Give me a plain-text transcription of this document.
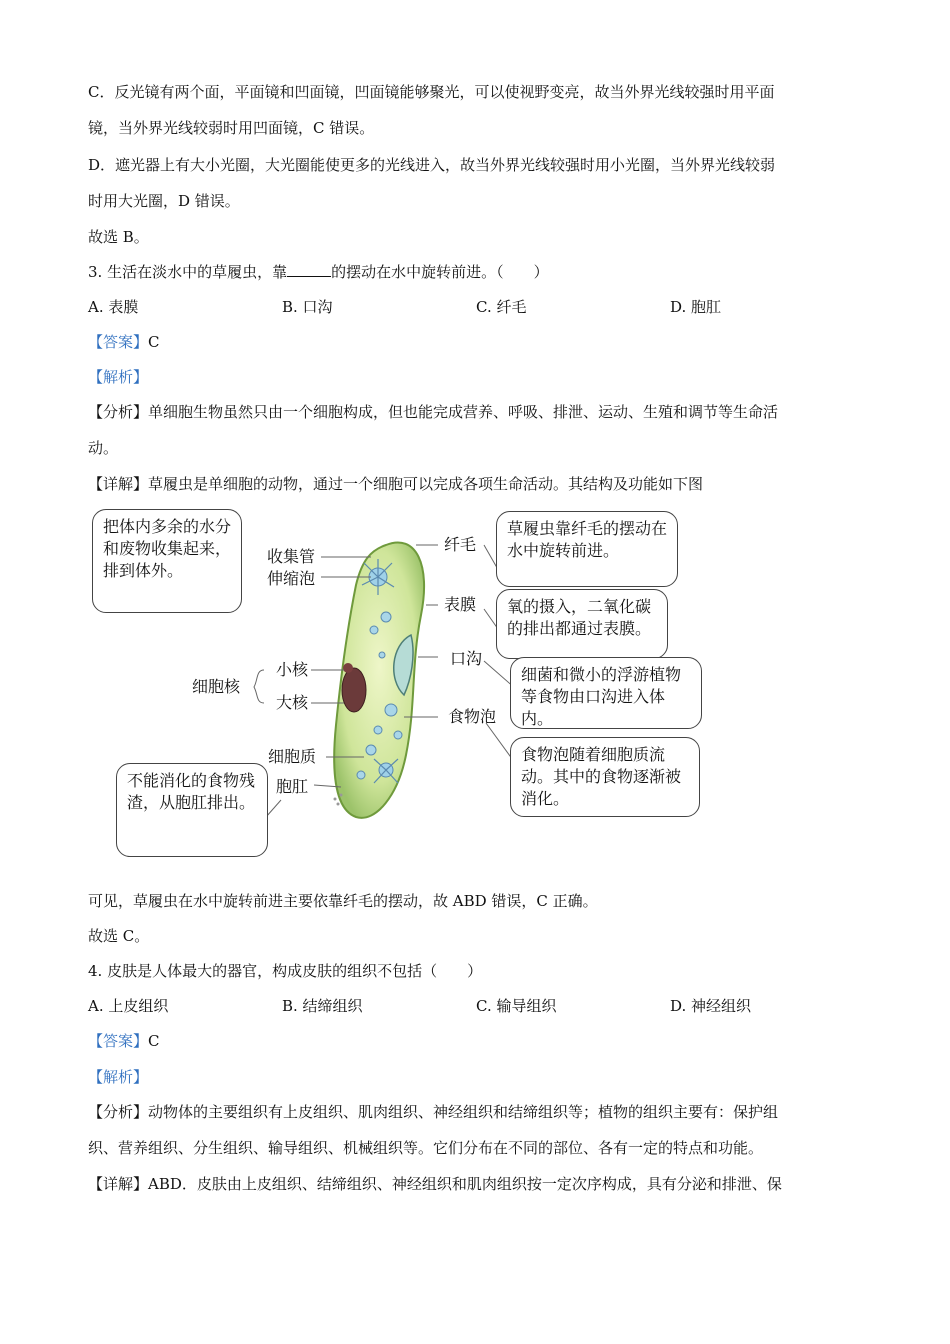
C．反光镜有两个面，平面镜和凹面镜，凹面镜能够聚光，可以使视野变亮，故当外界光线较强时用平面
镜，当外界光线较弱时用凹面镜，C 错误。
D．遮光器上有大小光圈，大光圈能使更多的光线进入，故当外界光线较强时用小光圈，当外界光线较弱
时用大光圈，D 错误。
故选 B。
3. 生活在淡水中的草履虫，靠	的摆动在水中旋转前进。（　　）
A. 表膜	B. 口沟	C. 纤毛	D. 胞肛
【答案】C
【解析】
【分析】单细胞生物虽然只由一个细胞构成，但也能完成营养、呼吸、排泄、运动、生殖和调节等生命活
动。
【详解】草履虫是单细胞的动物，通过一个细胞可以完成各项生命活动。其结构及功能如下图
收集管
伸缩泡
纤毛
表膜
口沟
食物泡
细胞核
小核
大核
细胞质
胞肛
把体内多余的水分和废物收集起来，排到体外。
草履虫靠纤毛的摆动在水中旋转前进。
氧的摄入，二氧化碳的排出都通过表膜。
细菌和微小的浮游植物等食物由口沟进入体内。
食物泡随着细胞质流动。其中的食物逐渐被消化。
不能消化的食物残渣，从胞肛排出。
可见，草履虫在水中旋转前进主要依靠纤毛的摆动，故 ABD 错误，C 正确。
故选 C。
4. 皮肤是人体最大的器官，构成皮肤的组织不包括（　　）
A. 上皮组织	B. 结缔组织	C. 输导组织	D. 神经组织
【答案】C
【解析】
【分析】动物体的主要组织有上皮组织、肌肉组织、神经组织和结缔组织等；植物的组织主要有：保护组
织、营养组织、分生组织、输导组织、机械组织等。它们分布在不同的部位、各有一定的特点和功能。
【详解】ABD．皮肤由上皮组织、结缔组织、神经组织和肌肉组织按一定次序构成，具有分泌和排泄、保
